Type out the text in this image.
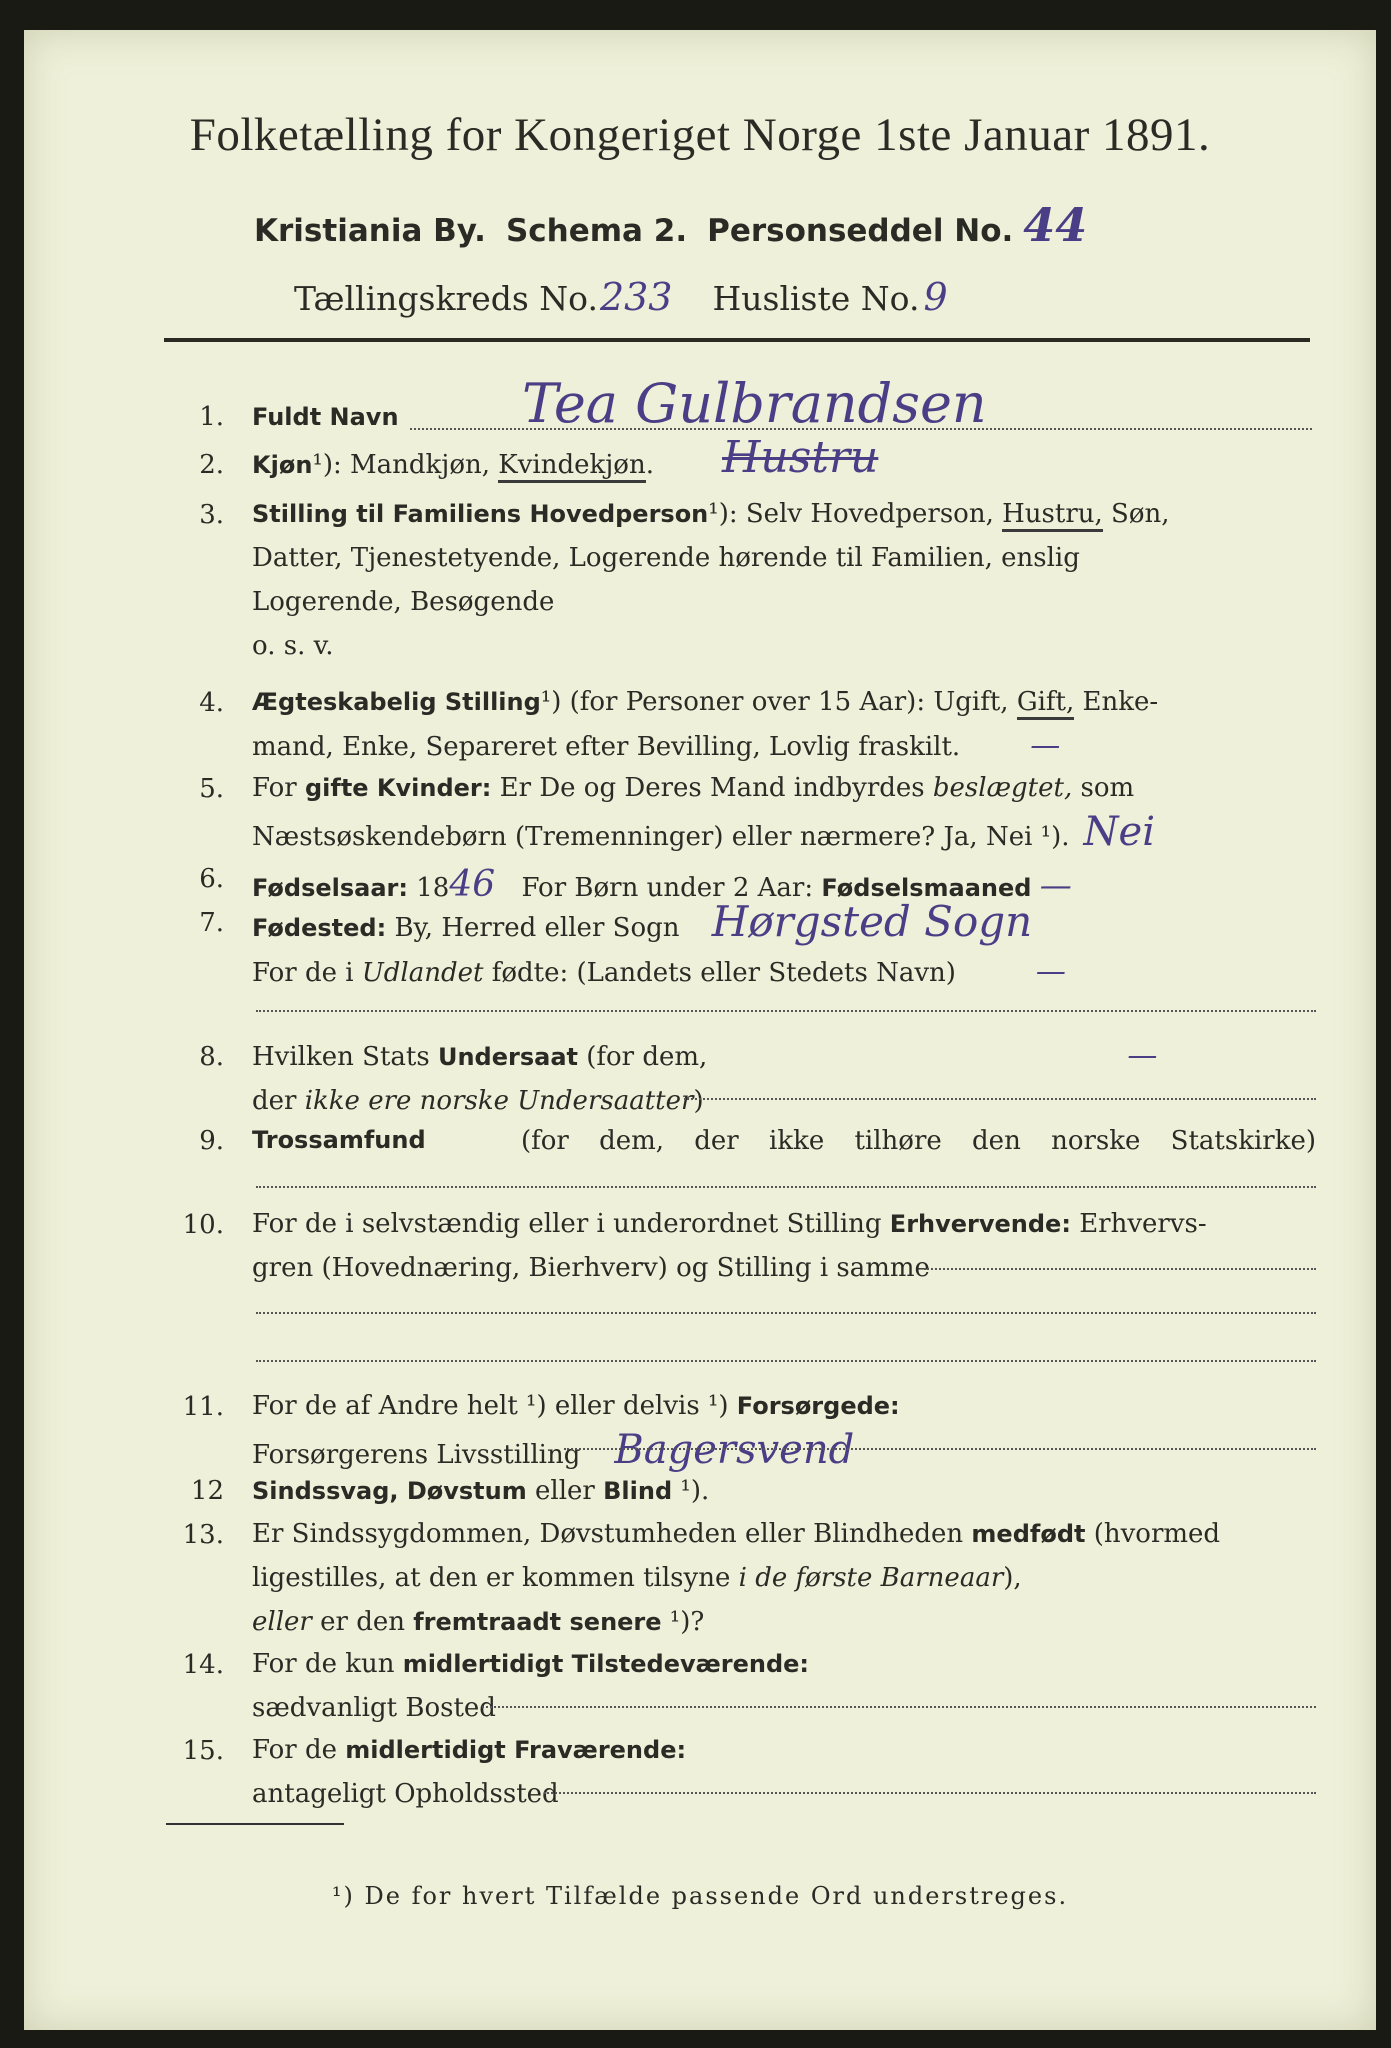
Folketælling for Kongeriget Norge 1ste Januar 1891.
Kristiania By. Schema 2. Personseddel No. 44
Tællingskreds No. 233 Husliste No. 9
1. Fuldt Navn Tea Gulbrandsen
2. Kjøn¹): Mandkjøn, Kvindekjøn. Hustru
3. Stilling til Familiens Hovedperson¹): Selv Hovedperson, Hustru, Søn,
Datter, Tjenestetyende, Logerende hørende til Familien, enslig
Logerende, Besøgende
o. s. v.
4. Ægteskabelig Stilling¹) (for Personer over 15 Aar): Ugift, Gift, Enke-
mand, Enke, Separeret efter Bevilling, Lovlig fraskilt. —
5. For gifte Kvinder: Er De og Deres Mand indbyrdes beslægtet, som
Næstsøskendebørn (Tremenninger) eller nærmere? Ja, Nei ¹). Nei
6. Fødselsaar: 1846 For Børn under 2 Aar: Fødselsmaaned —
7. Fødested: By, Herred eller Sogn Hørgsted Sogn
For de i Udlandet fødte: (Landets eller Stedets Navn)	—
8. Hvilken Stats Undersaat (for dem,	—
der ikke ere norske Undersaatter)
9. Trossamfund	(for dem, der ikke tilhøre den norske Statskirke)
10. For de i selvstændig eller i underordnet Stilling Erhvervende: Erhvervs-
gren (Hovednæring, Bierhverv) og Stilling i samme
11. For de af Andre helt ¹) eller delvis ¹) Forsørgede:
Forsørgerens Livsstilling Bagersvend
12 Sindssvag, Døvstum eller Blind ¹).
13. Er Sindssygdommen, Døvstumheden eller Blindheden medfødt (hvormed
ligestilles, at den er kommen tilsyne i de første Barneaar),
eller er den fremtraadt senere ¹)?
14. For de kun midlertidigt Tilstedeværende:
sædvanligt Bosted
15. For de midlertidigt Fraværende:
antageligt Opholdssted
¹) De for hvert Tilfælde passende Ord understreges.
